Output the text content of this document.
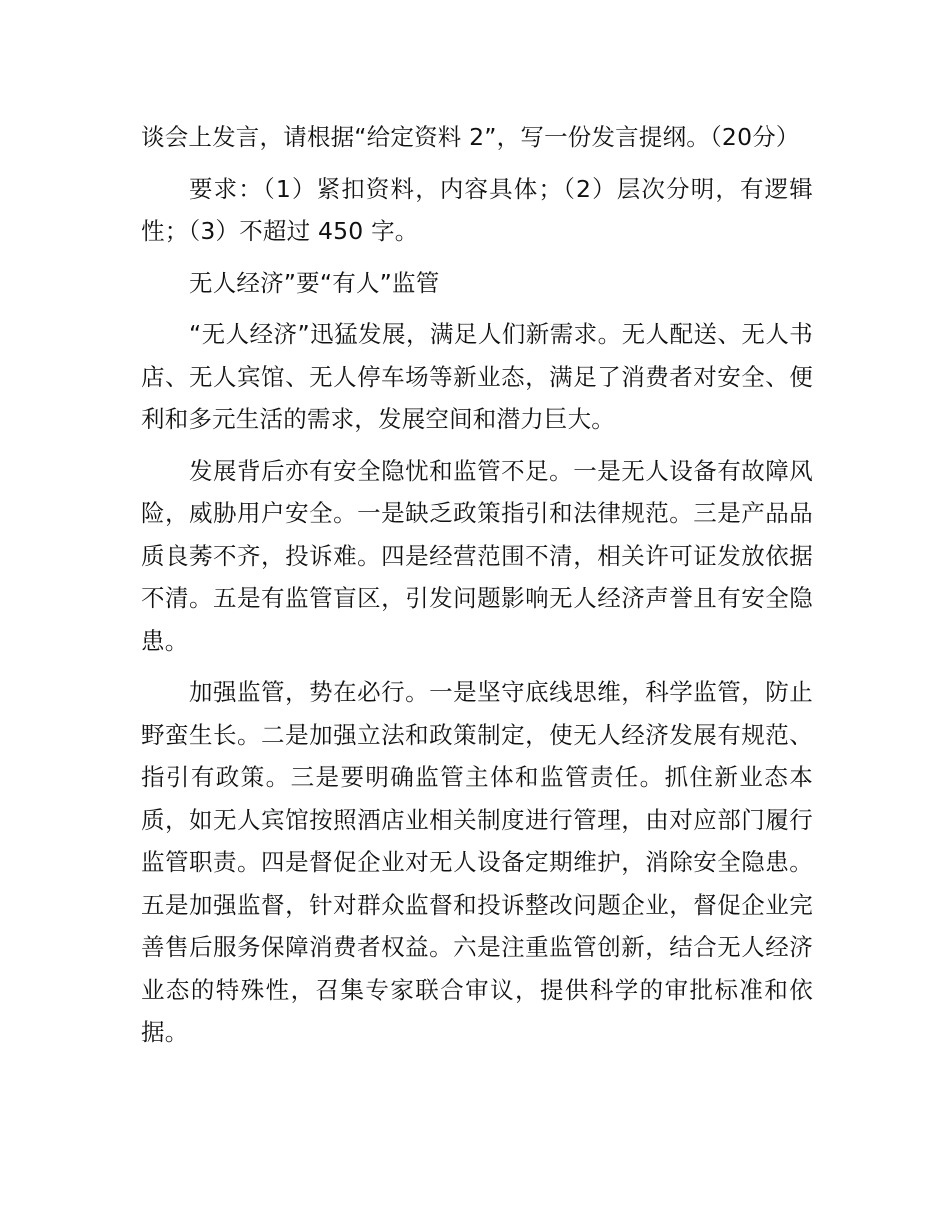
谈会上发言，请根据“给定资料 2”，写一份发言提纲。（20分）

要求：（1）紧扣资料，内容具体；（2）层次分明，有逻辑性；（3）不超过 450 字。

无人经济”要“有人”监管

“无人经济”迅猛发展，满足人们新需求。无人配送、无人书店、无人宾馆、无人停车场等新业态，满足了消费者对安全、便利和多元生活的需求，发展空间和潜力巨大。

发展背后亦有安全隐忧和监管不足。一是无人设备有故障风险，威胁用户安全。一是缺乏政策指引和法律规范。三是产品品质良莠不齐，投诉难。四是经营范围不清，相关许可证发放依据不清。五是有监管盲区，引发问题影响无人经济声誉且有安全隐患。

加强监管，势在必行。一是坚守底线思维，科学监管，防止野蛮生长。二是加强立法和政策制定，使无人经济发展有规范、指引有政策。三是要明确监管主体和监管责任。抓住新业态本质，如无人宾馆按照酒店业相关制度进行管理，由对应部门履行监管职责。四是督促企业对无人设备定期维护，消除安全隐患。五是加强监督，针对群众监督和投诉整改问题企业，督促企业完善售后服务保障消费者权益。六是注重监管创新，结合无人经济业态的特殊性，召集专家联合审议，提供科学的审批标准和依据。
